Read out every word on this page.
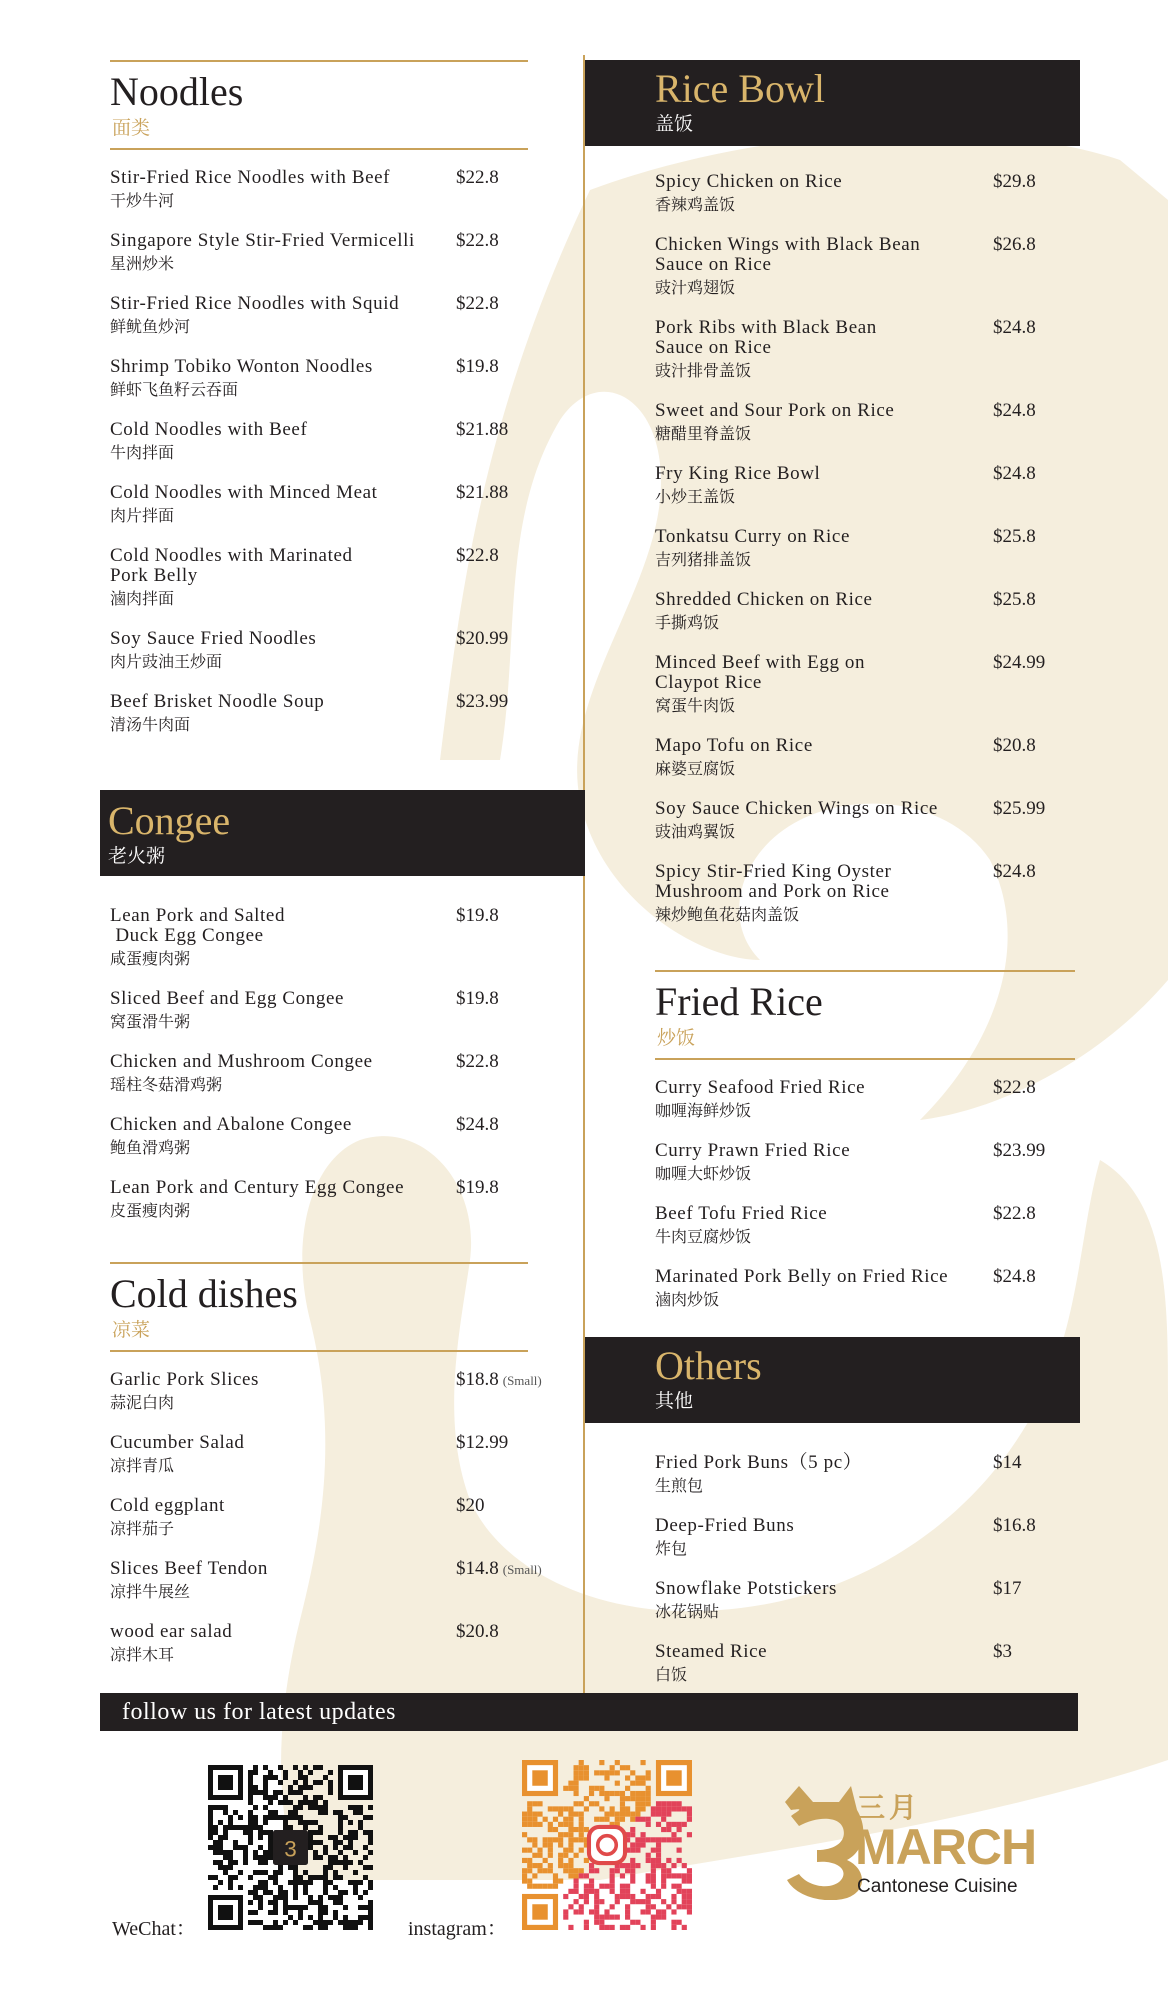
Noodles
面类
Stir-Fried Rice Noodles with Beef
干炒牛河
$22.8
Singapore Style Stir-Fried Vermicelli
星洲炒米
$22.8
Stir-Fried Rice Noodles with Squid
鲜鱿鱼炒河
$22.8
Shrimp Tobiko Wonton Noodles
鲜虾飞鱼籽云吞面
$19.8
Cold Noodles with Beef
牛肉拌面
$21.88
Cold Noodles with Minced Meat
肉片拌面
$21.88
Cold Noodles with Marinated
Pork Belly
滷肉拌面
$22.8
Soy Sauce Fried Noodles
肉片豉油王炒面
$20.99
Beef Brisket Noodle Soup
清汤牛肉面
$23.99
Congee
老火粥
Lean Pork and Salted
Duck Egg Congee
咸蛋瘦肉粥
$19.8
Sliced Beef and Egg Congee
窝蛋滑牛粥
$19.8
Chicken and Mushroom Congee
瑶柱冬菇滑鸡粥
$22.8
Chicken and Abalone Congee
鲍鱼滑鸡粥
$24.8
Lean Pork and Century Egg Congee
皮蛋瘦肉粥
$19.8
Cold dishes
凉菜
Garlic Pork Slices
蒜泥白肉
$18.8 (Small)
Cucumber Salad
凉拌青瓜
$12.99
Cold eggplant
凉拌茄子
$20
Slices Beef Tendon
凉拌牛展丝
$14.8 (Small)
wood ear salad
凉拌木耳
$20.8
Rice Bowl
盖饭
Spicy Chicken on Rice
香辣鸡盖饭
$29.8
Chicken Wings with Black Bean
Sauce on Rice
豉汁鸡翅饭
$26.8
Pork Ribs with Black Bean
Sauce on Rice
豉汁排骨盖饭
$24.8
Sweet and Sour Pork on Rice
糖醋里脊盖饭
$24.8
Fry King Rice Bowl
小炒王盖饭
$24.8
Tonkatsu Curry on Rice
吉列猪排盖饭
$25.8
Shredded Chicken on Rice
手撕鸡饭
$25.8
Minced Beef with Egg on
Claypot Rice
窝蛋牛肉饭
$24.99
Mapo Tofu on Rice
麻婆豆腐饭
$20.8
Soy Sauce Chicken Wings on Rice
豉油鸡翼饭
$25.99
Spicy Stir-Fried King Oyster
Mushroom and Pork on Rice
辣炒鲍鱼花菇肉盖饭
$24.8
Fried Rice
炒饭
Curry Seafood Fried Rice
咖喱海鲜炒饭
$22.8
Curry Prawn Fried Rice
咖喱大虾炒饭
$23.99
Beef Tofu Fried Rice
牛肉豆腐炒饭
$22.8
Marinated Pork Belly on Fried Rice
滷肉炒饭
$24.8
Others
其他
Fried Pork Buns（5 pc）
生煎包
$14
Deep-Fried Buns
炸包
$16.8
Snowflake Potstickers
冰花锅贴
$17
Steamed Rice
白饭
$3
follow us for latest updates
3
WeChat：	instagram：
三月
MARCH
Cantonese Cuisine
